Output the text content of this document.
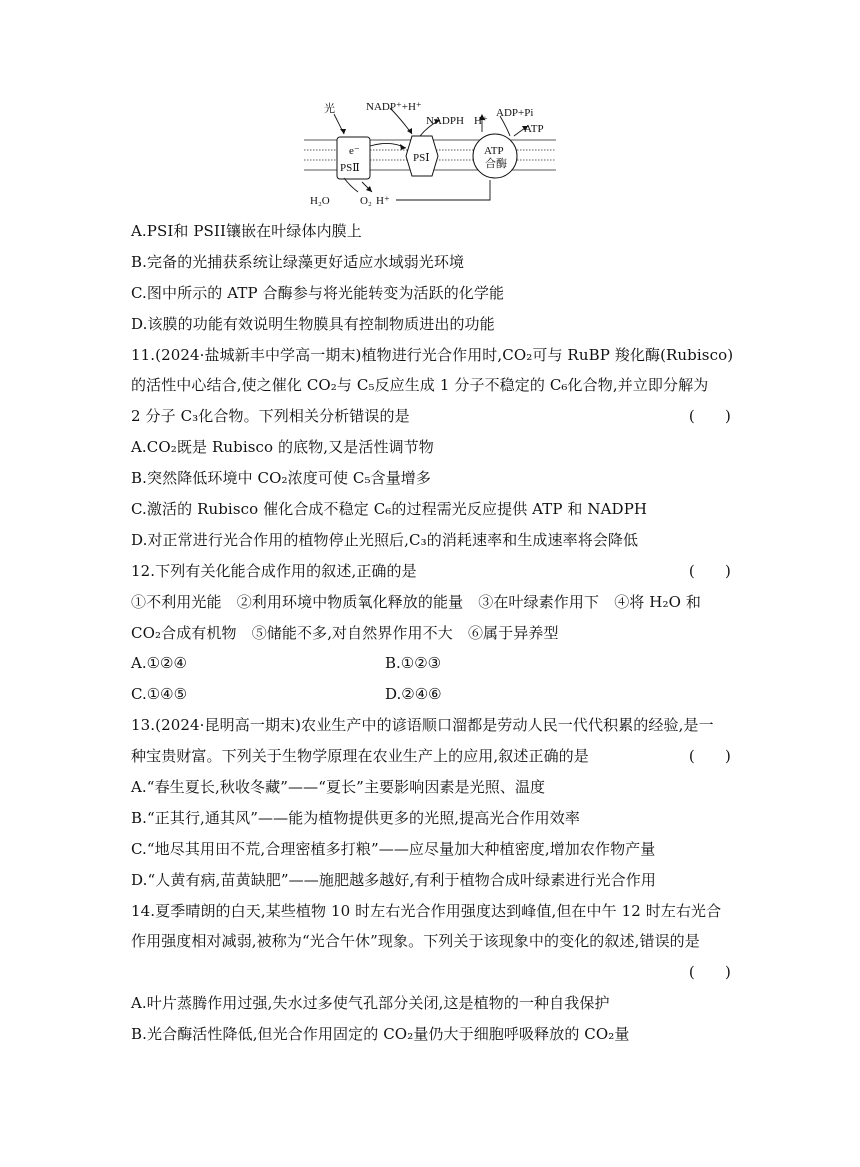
e⁻
PSⅡ
PSⅠ
ATP
合酶
光	NADP⁺+H⁺
NADPH H⁺
ADP+Pi
ATP
H₂O	O₂ H⁺
A.PSI和 PSII镶嵌在叶绿体内膜上
B.完备的光捕获系统让绿藻更好适应水域弱光环境
C.图中所示的 ATP 合酶参与将光能转变为活跃的化学能
D.该膜的功能有效说明生物膜具有控制物质进出的功能
11.(2024·盐城新丰中学高一期末)植物进行光合作用时,CO₂可与 RuBP 羧化酶(Rubisco)
的活性中心结合,使之催化 CO₂与 C₅反应生成 1 分子不稳定的 C₆化合物,并立即分解为
2 分子 C₃化合物。下列相关分析错误的是	(　　)
A.CO₂既是 Rubisco 的底物,又是活性调节物
B.突然降低环境中 CO₂浓度可使 C₅含量增多
C.激活的 Rubisco 催化合成不稳定 C₆的过程需光反应提供 ATP 和 NADPH
D.对正常进行光合作用的植物停止光照后,C₃的消耗速率和生成速率将会降低
12.下列有关化能合成作用的叙述,正确的是	(　　)
①不利用光能　②利用环境中物质氧化释放的能量　③在叶绿素作用下　④将 H₂O 和
CO₂合成有机物　⑤储能不多,对自然界作用不大　⑥属于异养型
A.①②④	B.①②③
C.①④⑤	D.②④⑥
13.(2024·昆明高一期末)农业生产中的谚语顺口溜都是劳动人民一代代积累的经验,是一
种宝贵财富。下列关于生物学原理在农业生产上的应用,叙述正确的是	(　　)
A.“春生夏长,秋收冬藏”——“夏长”主要影响因素是光照、温度
B.“正其行,通其风”——能为植物提供更多的光照,提高光合作用效率
C.“地尽其用田不荒,合理密植多打粮”——应尽量加大种植密度,增加农作物产量
D.“人黄有病,苗黄缺肥”——施肥越多越好,有利于植物合成叶绿素进行光合作用
14.夏季晴朗的白天,某些植物 10 时左右光合作用强度达到峰值,但在中午 12 时左右光合
作用强度相对减弱,被称为“光合午休”现象。下列关于该现象中的变化的叙述,错误的是
(　　)
A.叶片蒸腾作用过强,失水过多使气孔部分关闭,这是植物的一种自我保护
B.光合酶活性降低,但光合作用固定的 CO₂量仍大于细胞呼吸释放的 CO₂量
